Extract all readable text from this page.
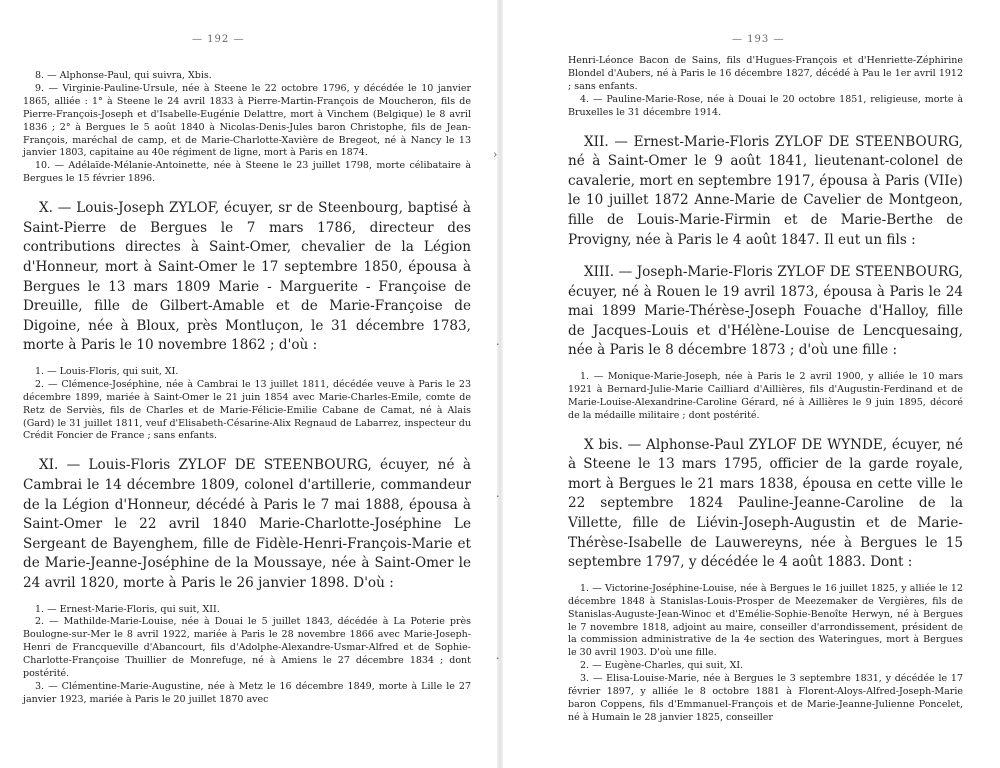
— 192 —

8. — Alphonse-Paul, qui suivra, Xbis.

9. — Virginie-Pauline-Ursule, née à Steene le 22 octobre 1796, y décédée le 10 janvier 1865, alliée : 1° à Steene le 24 avril 1833 à Pierre-Martin-François de Moucheron, fils de Pierre-François-Joseph et d'Isabelle-Eugénie Delattre, mort à Vinchem (Belgique) le 8 avril 1836 ; 2° à Bergues le 5 août 1840 à Nicolas-Denis-Jules baron Christophe, fils de Jean-François, maréchal de camp, et de Marie-Charlotte-Xavière de Bregeot, né à Nancy le 13 janvier 1803, capitaine au 40e régiment de ligne, mort à Paris en 1874.

10. — Adélaïde-Mélanie-Antoinette, née à Steene le 23 juillet 1798, morte célibataire à Bergues le 15 février 1896.

X. — Louis-Joseph ZYLOF, écuyer, sr de Steenbourg, baptisé à Saint-Pierre de Bergues le 7 mars 1786, directeur des contributions directes à Saint-Omer, chevalier de la Légion d'Honneur, mort à Saint-Omer le 17 septembre 1850, épousa à Bergues le 13 mars 1809 Marie - Marguerite - Françoise de Dreuille, fille de Gilbert-Amable et de Marie-Françoise de Digoine, née à Bloux, près Montluçon, le 31 décembre 1783, morte à Paris le 10 novembre 1862 ; d'où :

1. — Louis-Floris, qui suit, XI.

2. — Clémence-Joséphine, née à Cambrai le 13 juillet 1811, décédée veuve à Paris le 23 décembre 1899, mariée à Saint-Omer le 21 juin 1854 avec Marie-Charles-Emile, comte de Retz de Serviès, fils de Charles et de Marie-Félicie-Emilie Cabane de Camat, né à Alais (Gard) le 31 juillet 1811, veuf d'Elisabeth-Césarine-Alix Regnaud de Labarrez, inspecteur du Crédit Foncier de France ; sans enfants.

XI. — Louis-Floris ZYLOF DE STEENBOURG, écuyer, né à Cambrai le 14 décembre 1809, colonel d'artillerie, commandeur de la Légion d'Honneur, décédé à Paris le 7 mai 1888, épousa à Saint-Omer le 22 avril 1840 Marie-Charlotte-Joséphine Le Sergeant de Bayenghem, fille de Fidèle-Henri-François-Marie et de Marie-Jeanne-Joséphine de la Moussaye, née à Saint-Omer le 24 avril 1820, morte à Paris le 26 janvier 1898. D'où :

1. — Ernest-Marie-Floris, qui suit, XII.

2. — Mathilde-Marie-Louise, née à Douai le 5 juillet 1843, décédée à La Poterie près Boulogne-sur-Mer le 8 avril 1922, mariée à Paris le 28 novembre 1866 avec Marie-Joseph-Henri de Francqueville d'Abancourt, fils d'Adolphe-Alexandre-Usmar-Alfred et de Sophie-Charlotte-Françoise Thuillier de Monrefuge, né à Amiens le 27 décembre 1834 ; dont postérité.

3. — Clémentine-Marie-Augustine, née à Metz le 16 décembre 1849, morte à Lille le 27 janvier 1923, mariée à Paris le 20 juillet 1870 avec

›
·
·
·
— 193 —

Henri-Léonce Bacon de Sains, fils d'Hugues-François et d'Henriette-Zéphirine Blondel d'Aubers, né à Paris le 16 décembre 1827, décédé à Pau le 1er avril 1912 ; sans enfants.

4. — Pauline-Marie-Rose, née à Douai le 20 octobre 1851, religieuse, morte à Bruxelles le 31 décembre 1914.

XII. — Ernest-Marie-Floris ZYLOF DE STEENBOURG, né à Saint-Omer le 9 août 1841, lieutenant-colonel de cavalerie, mort en septembre 1917, épousa à Paris (VIIe) le 10 juillet 1872 Anne-Marie de Cavelier de Montgeon, fille de Louis-Marie-Firmin et de Marie-Berthe de Provigny, née à Paris le 4 août 1847. Il eut un fils :

XIII. — Joseph-Marie-Floris ZYLOF DE STEENBOURG, écuyer, né à Rouen le 19 avril 1873, épousa à Paris le 24 mai 1899 Marie-Thérèse-Joseph Fouache d'Halloy, fille de Jacques-Louis et d'Hélène-Louise de Lencquesaing, née à Paris le 8 décembre 1873 ; d'où une fille :

1. — Monique-Marie-Joseph, née à Paris le 2 avril 1900, y alliée le 10 mars 1921 à Bernard-Julie-Marie Cailliard d'Aillières, fils d'Augustin-Ferdinand et de Marie-Louise-Alexandrine-Caroline Gérard, né à Aillières le 9 juin 1895, décoré de la médaille militaire ; dont postérité.

X bis. — Alphonse-Paul ZYLOF DE WYNDE, écuyer, né à Steene le 13 mars 1795, officier de la garde royale, mort à Bergues le 21 mars 1838, épousa en cette ville le 22 septembre 1824 Pauline-Jeanne-Caroline de la Villette, fille de Liévin-Joseph-Augustin et de Marie-Thérèse-Isabelle de Lauwereyns, née à Bergues le 15 septembre 1797, y décédée le 4 août 1883. Dont :

1. — Victorine-Joséphine-Louise, née à Bergues le 16 juillet 1825, y alliée le 12 décembre 1848 à Stanislas-Louis-Prosper de Meezemaker de Vergières, fils de Stanislas-Auguste-Jean-Winoc et d'Emélie-Sophie-Benoîte Herwyn, né à Bergues le 7 novembre 1818, adjoint au maire, conseiller d'arrondissement, président de la commission administrative de la 4e section des Wateringues, mort à Bergues le 30 avril 1903. D'où une fille.

2. — Eugène-Charles, qui suit, XI.

3. — Elisa-Louise-Marie, née à Bergues le 3 septembre 1831, y décédée le 17 février 1897, y alliée le 8 octobre 1881 à Florent-Aloys-Alfred-Joseph-Marie baron Coppens, fils d'Emmanuel-François et de Marie-Jeanne-Julienne Poncelet, né à Humain le 28 janvier 1825, conseiller
